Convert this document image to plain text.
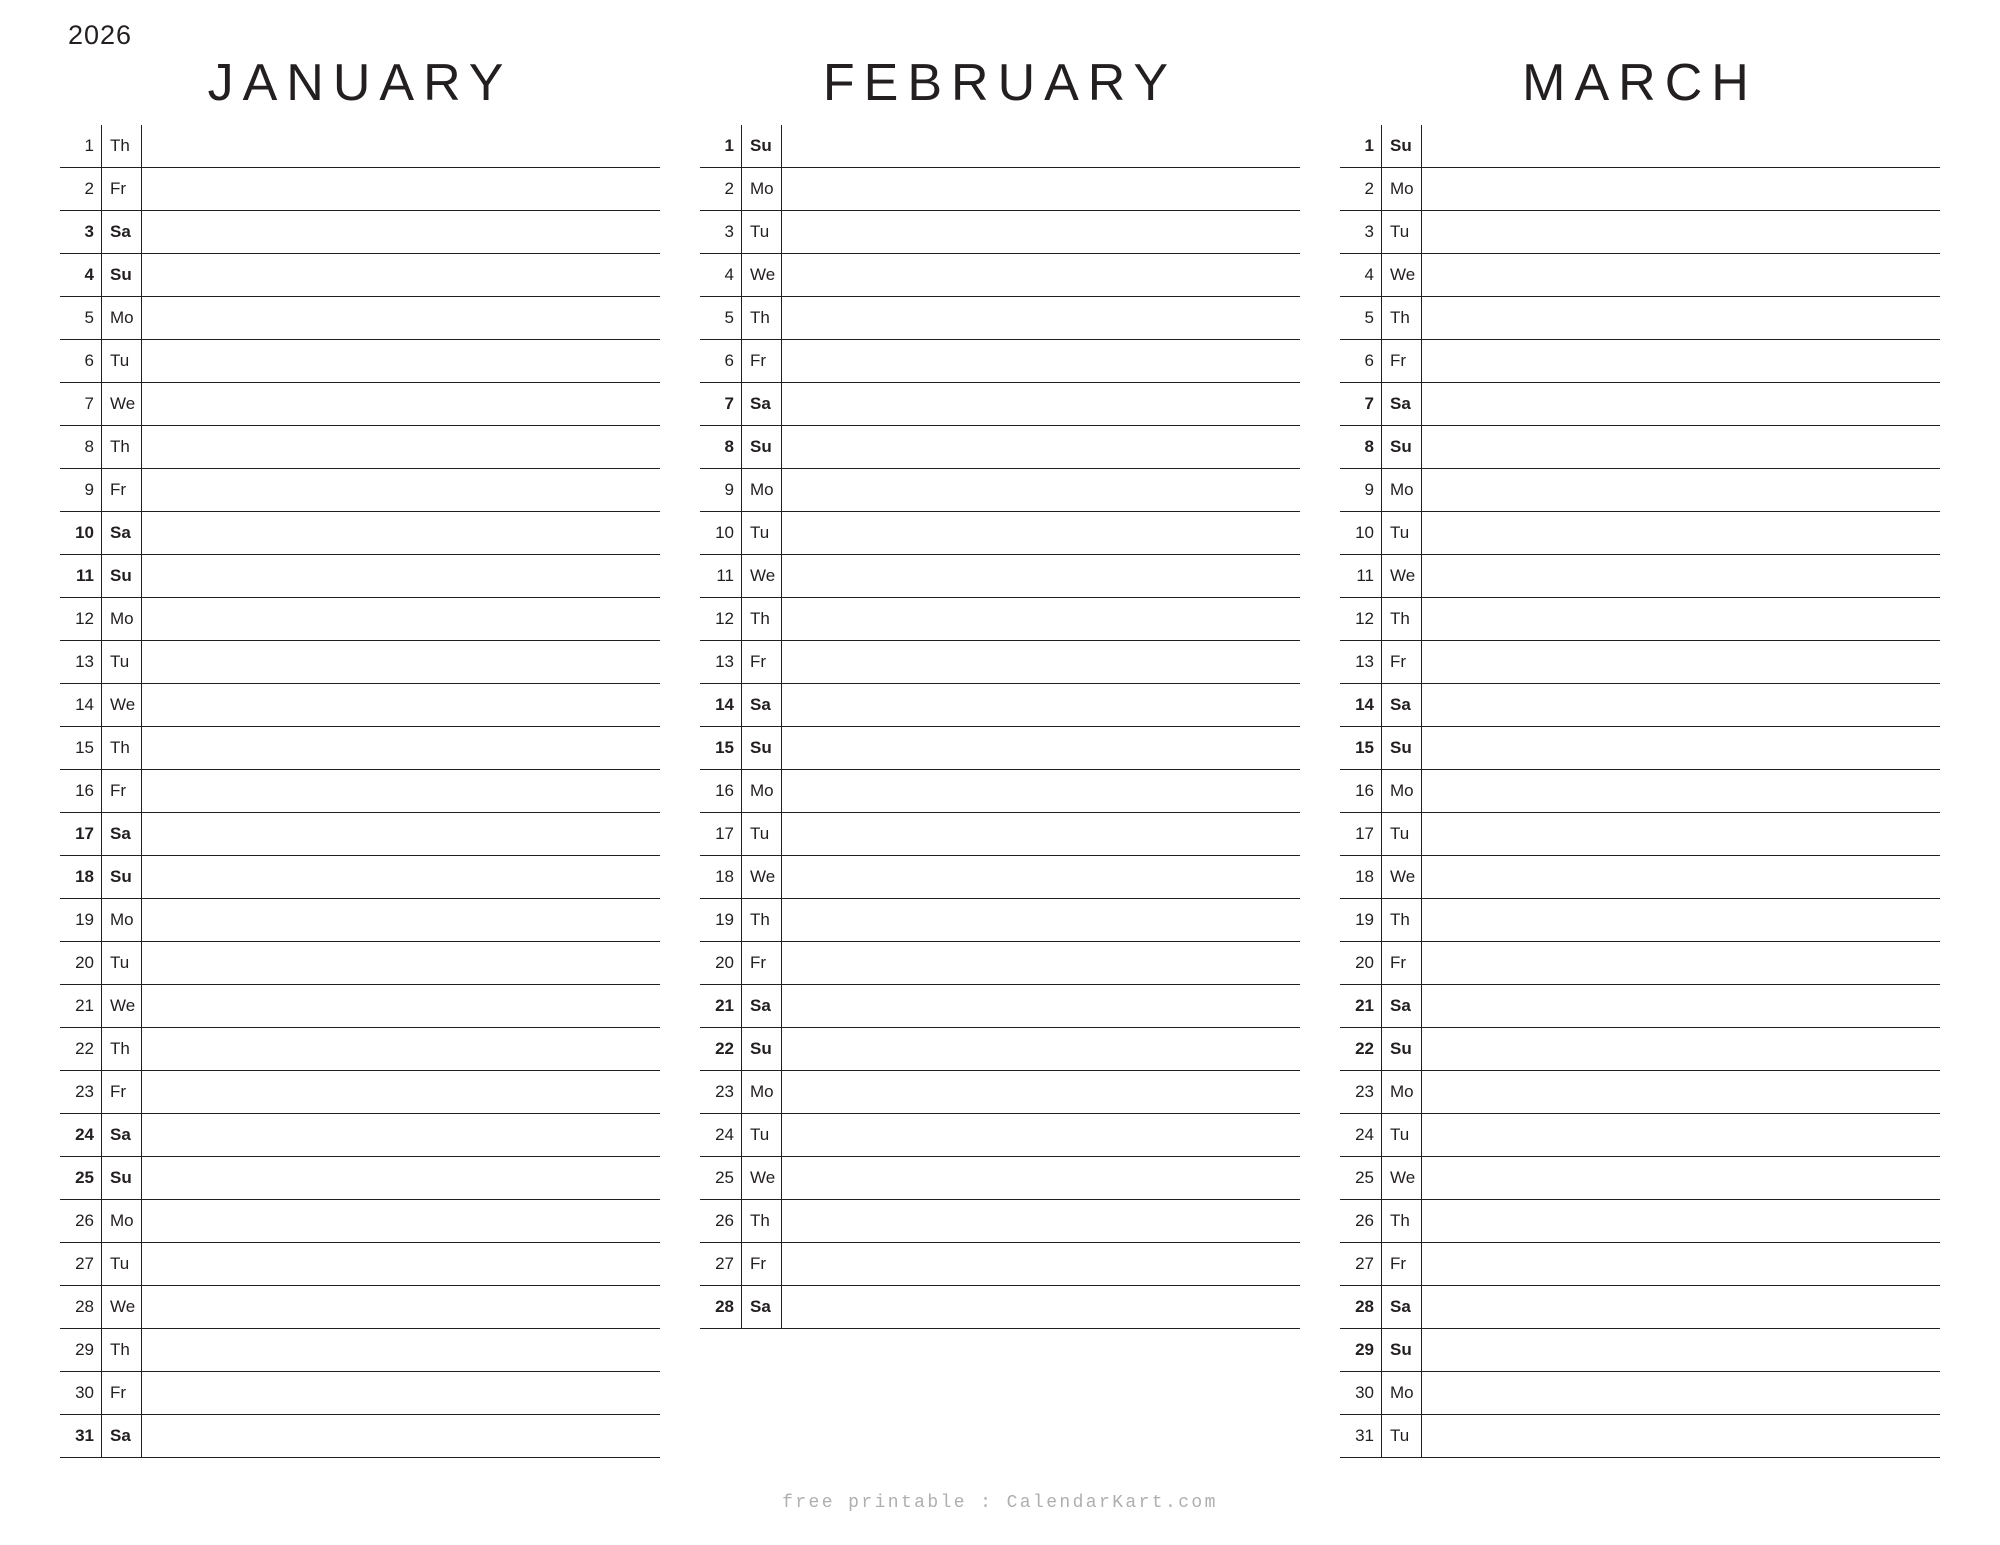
2026
JANUARY
1 Th
2 Fr
3 Sa
4 Su
5 Mo
6 Tu
7 We
8 Th
9 Fr
10 Sa
11 Su
12 Mo
13 Tu
14 We
15 Th
16 Fr
17 Sa
18 Su
19 Mo
20 Tu
21 We
22 Th
23 Fr
24 Sa
25 Su
26 Mo
27 Tu
28 We
29 Th
30 Fr
31 Sa
FEBRUARY
1 Su
2 Mo
3 Tu
4 We
5 Th
6 Fr
7 Sa
8 Su
9 Mo
10 Tu
11 We
12 Th
13 Fr
14 Sa
15 Su
16 Mo
17 Tu
18 We
19 Th
20 Fr
21 Sa
22 Su
23 Mo
24 Tu
25 We
26 Th
27 Fr
28 Sa
MARCH
1 Su
2 Mo
3 Tu
4 We
5 Th
6 Fr
7 Sa
8 Su
9 Mo
10 Tu
11 We
12 Th
13 Fr
14 Sa
15 Su
16 Mo
17 Tu
18 We
19 Th
20 Fr
21 Sa
22 Su
23 Mo
24 Tu
25 We
26 Th
27 Fr
28 Sa
29 Su
30 Mo
31 Tu
free printable : CalendarKart.com
